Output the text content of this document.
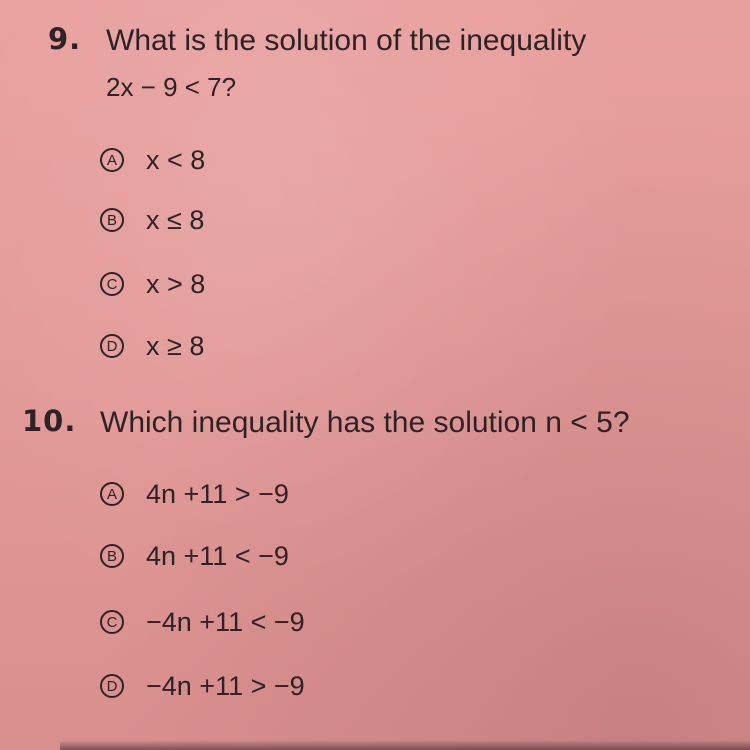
9. What is the solution of the inequality
2x − 9 < 7?
A x < 8
B x ≤ 8
C x > 8
D x ≥ 8
10. Which inequality has the solution n < 5?
A 4n +11 > −9
B 4n +11 < −9
C −4n +11 < −9
D −4n +11 > −9
